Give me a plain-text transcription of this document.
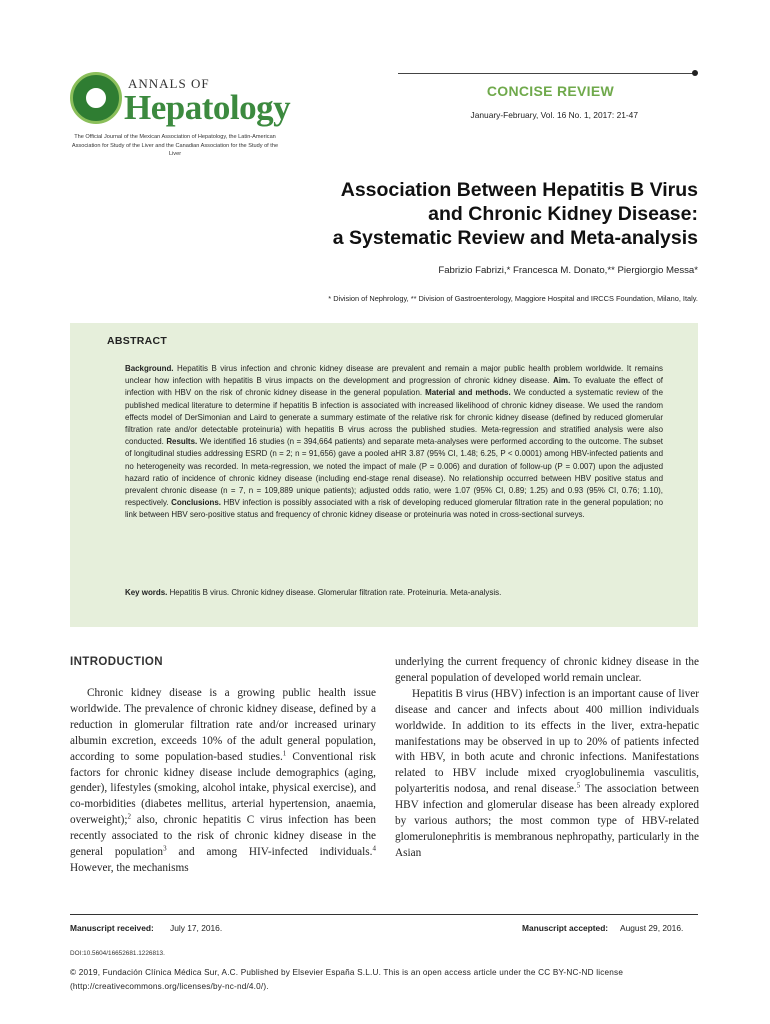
ANNALS OF
Hepatology
The Official Journal of the Mexican Association of Hepatology, the Latin-American Association for Study of the Liver and the Canadian Association for the Study of the Liver
CONCISE REVIEW
January-February, Vol. 16 No. 1, 2017: 21-47
Association Between Hepatitis B Virus
and Chronic Kidney Disease:
a Systematic Review and Meta-analysis
Fabrizio Fabrizi,* Francesca M. Donato,** Piergiorgio Messa*
* Division of Nephrology, ** Division of Gastroenterology, Maggiore Hospital and IRCCS Foundation, Milano, Italy.
ABSTRACT
Background. Hepatitis B virus infection and chronic kidney disease are prevalent and remain a major public health problem worldwide. It remains unclear how infection with hepatitis B virus impacts on the development and progression of chronic kidney disease. Aim. To evaluate the effect of infection with HBV on the risk of chronic kidney disease in the general population. Material and methods. We conducted a systematic review of the published medical literature to determine if hepatitis B infection is associated with increased likelihood of chronic kidney disease. We used the random effects model of DerSimonian and Laird to generate a summary estimate of the relative risk for chronic kidney disease (defined by reduced glomerular filtration rate and/or detectable proteinuria) with hepatitis B virus across the published studies. Meta-regression and stratified analysis were also conducted. Results. We identified 16 studies (n = 394,664 patients) and separate meta-analyses were performed according to the outcome. The subset of longitudinal studies addressing ESRD (n = 2; n = 91,656) gave a pooled aHR 3.87 (95% CI, 1.48; 6.25, P < 0.0001) among HBV-infected patients and no heterogeneity was recorded. In meta-regression, we noted the impact of male (P = 0.006) and duration of follow-up (P = 0.007) upon the adjusted hazard ratio of incidence of chronic kidney disease (including end-stage renal disease). No relationship occurred between HBV positive status and prevalent chronic disease (n = 7, n = 109,889 unique patients); adjusted odds ratio, were 1.07 (95% CI, 0.89; 1.25) and 0.93 (95% CI, 0.76; 1.10), respectively. Conclusions. HBV infection is possibly associated with a risk of developing reduced glomerular filtration rate in the general population; no link between HBV sero-positive status and frequency of chronic kidney disease or proteinuria was noted in cross-sectional surveys.
Key words. Hepatitis B virus. Chronic kidney disease. Glomerular filtration rate. Proteinuria. Meta-analysis.
INTRODUCTION

Chronic kidney disease is a growing public health issue worldwide. The prevalence of chronic kidney disease, defined by a reduction in glomerular filtration rate and/or increased urinary albumin excretion, exceeds 10% of the adult general population, according to some population-based studies.$^1$ Conventional risk factors for chronic kidney disease include demographics (aging, gender), lifestyles (smoking, alcohol intake, physical exercise), and co-morbidities (diabetes mellitus, arterial hypertension, anaemia, overweight);$^2$ also, chronic hepatitis C virus infection has been recently associated to the risk of chronic kidney disease in the general population$^3$ and among HIV-infected individuals.$^4$ However, the mechanisms

underlying the current frequency of chronic kidney disease in the general population of developed world remain unclear.

Hepatitis B virus (HBV) infection is an important cause of liver disease and cancer and infects about 400 million individuals worldwide. In addition to its effects in the liver, extra-hepatic manifestations may be observed in up to 20% of patients infected with HBV, in both acute and chronic infections. Manifestations related to HBV include mixed cryoglobulinemia vasculitis, polyarteritis nodosa, and renal disease.$^5$ The association between HBV infection and glomerular disease has been already explored by various authors; the most common type of HBV-related glomerulonephritis is membranous nephropathy, particularly in the Asian

Manuscript received: July 17, 2016.	Manuscript accepted: August 29, 2016.
DOI:10.5604/16652681.1226813.
© 2019, Fundación Clínica Médica Sur, A.C. Published by Elsevier España S.L.U. This is an open access article under the CC BY-NC-ND license (http://creativecommons.org/licenses/by-nc-nd/4.0/).
